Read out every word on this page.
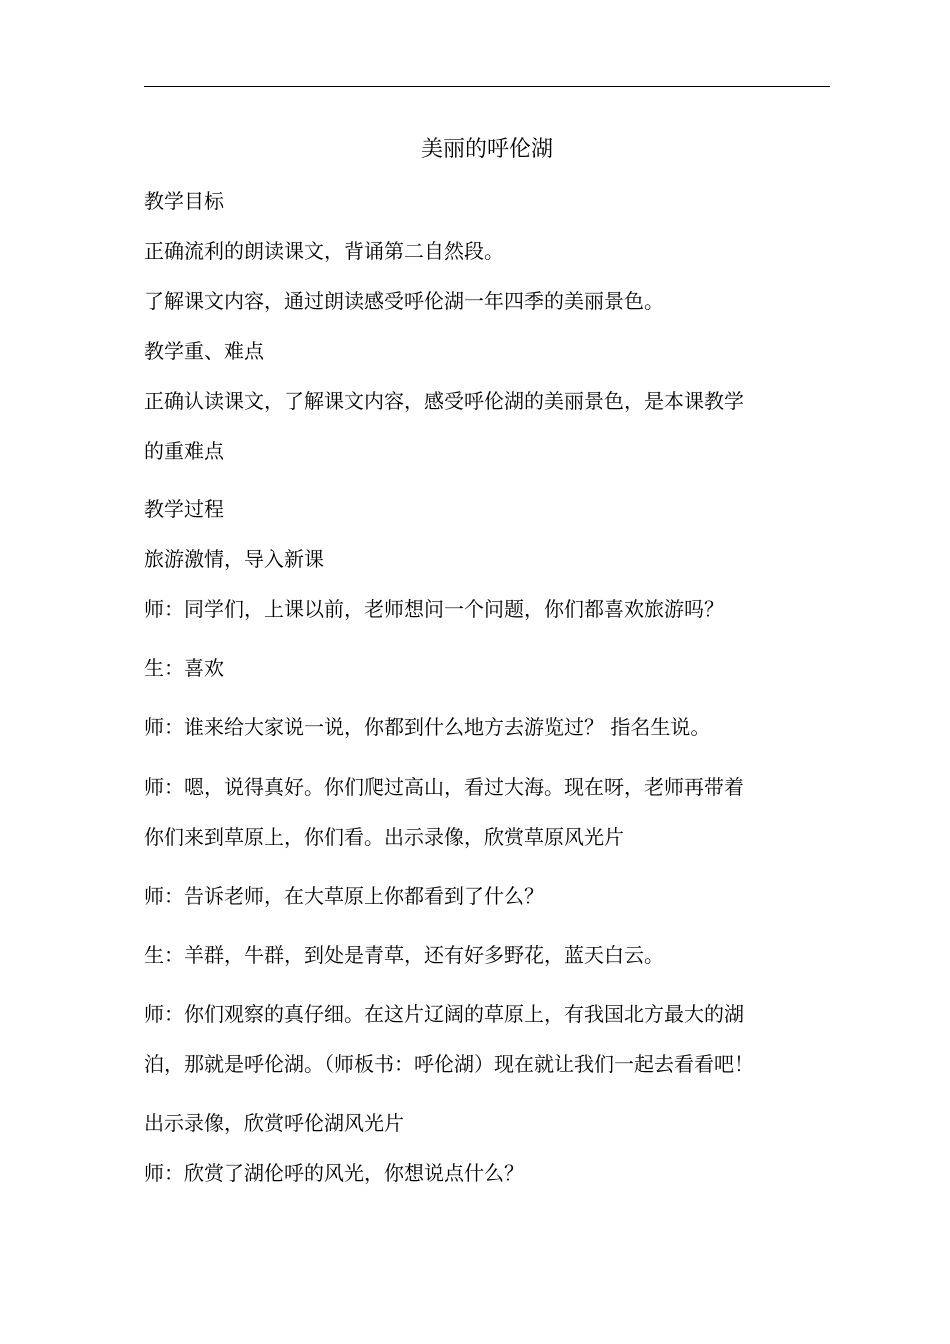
美丽的呼伦湖
教学目标
正确流利的朗读课文，背诵第二自然段。
了解课文内容，通过朗读感受呼伦湖一年四季的美丽景色。
教学重、难点
正确认读课文，了解课文内容，感受呼伦湖的美丽景色，是本课教学
的重难点
教学过程
旅游激情，导入新课
师：同学们，上课以前，老师想问一个问题，你们都喜欢旅游吗？
生：喜欢
师：谁来给大家说一说，你都到什么地方去游览过？ 指名生说。
师：嗯，说得真好。你们爬过高山，看过大海。现在呀，老师再带着
你们来到草原上，你们看。出示录像，欣赏草原风光片
师：告诉老师，在大草原上你都看到了什么？
生：羊群，牛群，到处是青草，还有好多野花，蓝天白云。
师：你们观察的真仔细。在这片辽阔的草原上，有我国北方最大的湖
泊，那就是呼伦湖。（师板书：呼伦湖）现在就让我们一起去看看吧！
出示录像，欣赏呼伦湖风光片
师：欣赏了湖伦呼的风光，你想说点什么？
